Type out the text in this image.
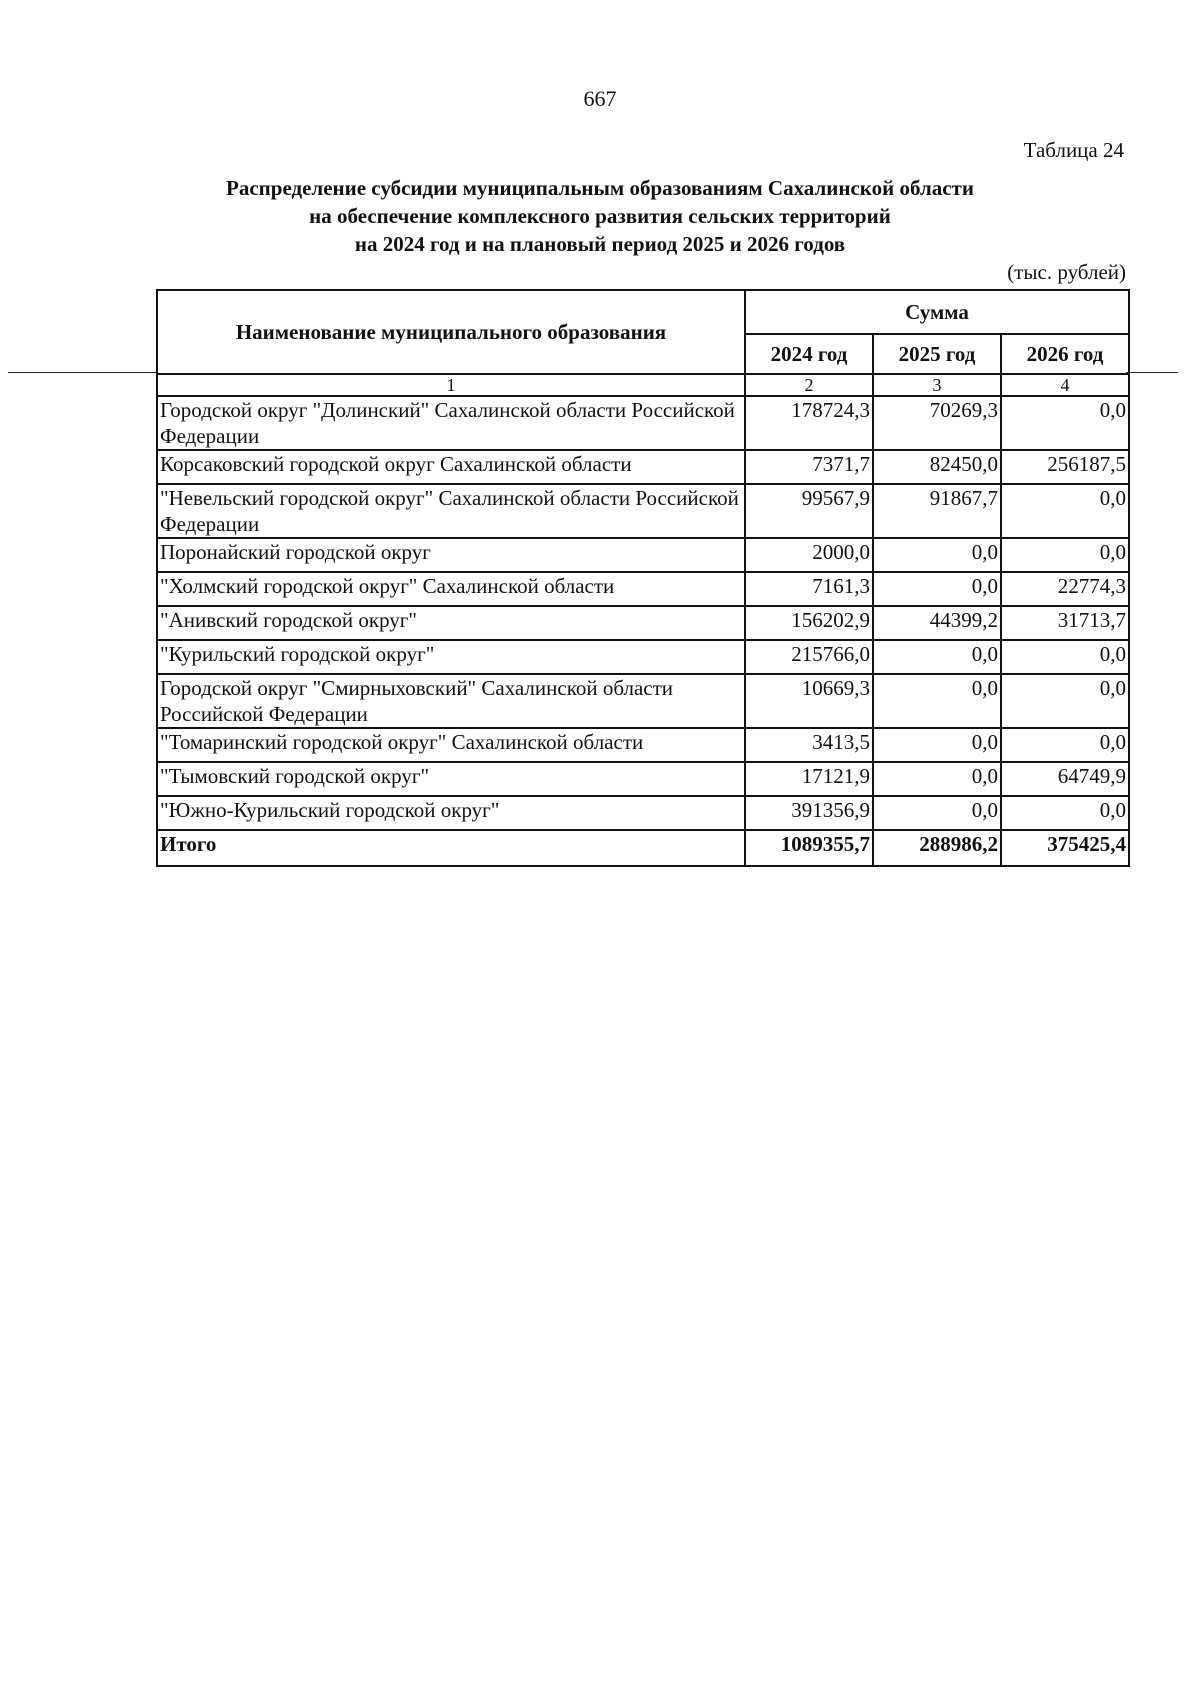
667
Таблица 24
Распределение субсидии муниципальным образованиям Сахалинской области
на обеспечение комплексного развития сельских территорий
на 2024 год и на плановый период 2025 и 2026 годов
(тыс. рублей)
Наименование муниципального образования	Сумма		
	2024 год	2025 год	2026 год
1	2	3	4
Городской округ "Долинский" Сахалинской области Российской Федерации	178724,3	70269,3	0,0
Корсаковский городской округ Сахалинской области	7371,7	82450,0	256187,5
"Невельский городской округ" Сахалинской области Российской Федерации	99567,9	91867,7	0,0
Поронайский городской округ	2000,0	0,0	0,0
"Холмский городской округ" Сахалинской области	7161,3	0,0	22774,3
"Анивский городской округ"	156202,9	44399,2	31713,7
"Курильский городской округ"	215766,0	0,0	0,0
Городской округ "Смирныховский" Сахалинской области Российской Федерации	10669,3	0,0	0,0
"Томаринский городской округ" Сахалинской области	3413,5	0,0	0,0
"Тымовский городской округ"	17121,9	0,0	64749,9
"Южно-Курильский городской округ"	391356,9	0,0	0,0
Итого	1089355,7	288986,2	375425,4
